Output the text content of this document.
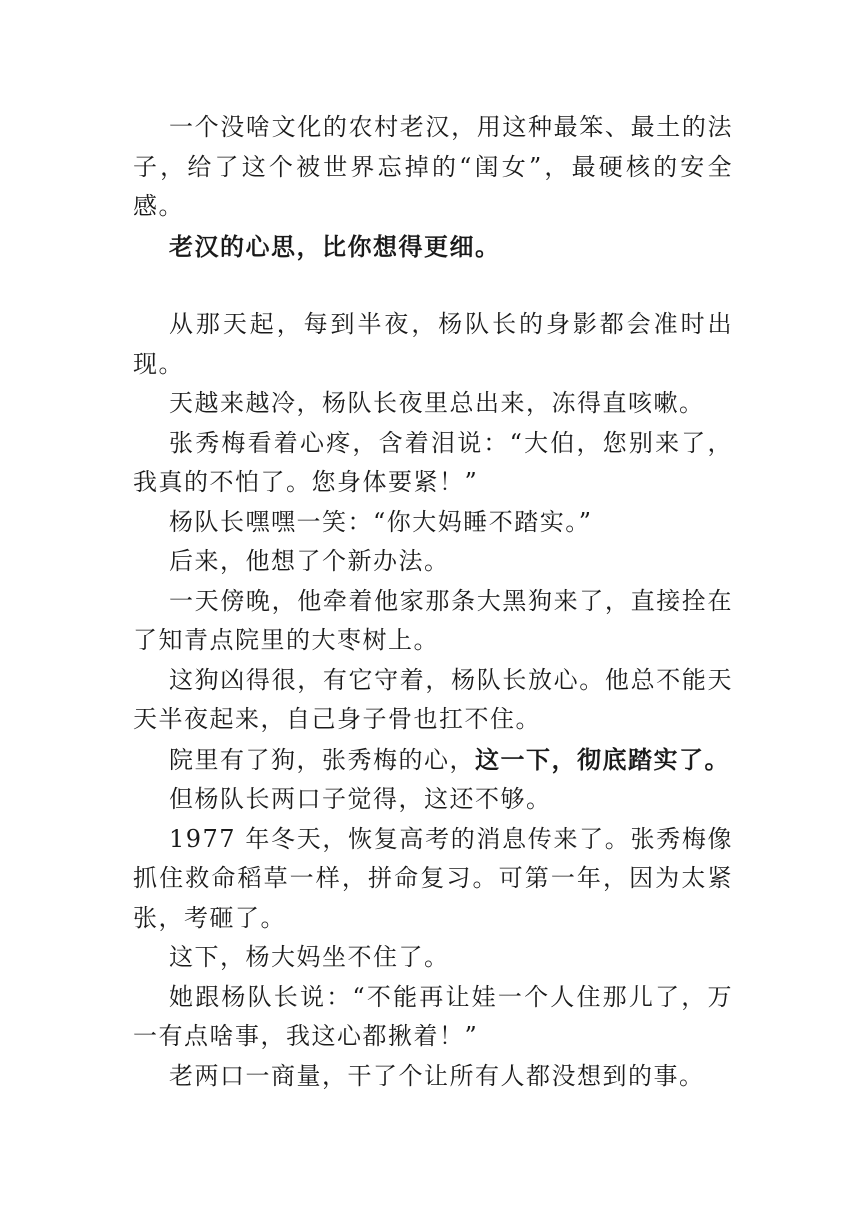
一个没啥文化的农村老汉，用这种最笨、最土的法子，给了这个被世界忘掉的“闺女”，最硬核的安全感。

老汉的心思，比你想得更细。

从那天起，每到半夜，杨队长的身影都会准时出现。

天越来越冷，杨队长夜里总出来，冻得直咳嗽。

张秀梅看着心疼，含着泪说：“大伯，您别来了，我真的不怕了。您身体要紧！”

杨队长嘿嘿一笑：“你大妈睡不踏实。”

后来，他想了个新办法。

一天傍晚，他牵着他家那条大黑狗来了，直接拴在了知青点院里的大枣树上。

这狗凶得很，有它守着，杨队长放心。他总不能天天半夜起来，自己身子骨也扛不住。

院里有了狗，张秀梅的心，这一下，彻底踏实了。

但杨队长两口子觉得，这还不够。

1977 年冬天，恢复高考的消息传来了。张秀梅像抓住救命稻草一样，拼命复习。可第一年，因为太紧张，考砸了。

这下，杨大妈坐不住了。

她跟杨队长说：“不能再让娃一个人住那儿了，万一有点啥事，我这心都揪着！”

老两口一商量，干了个让所有人都没想到的事。
